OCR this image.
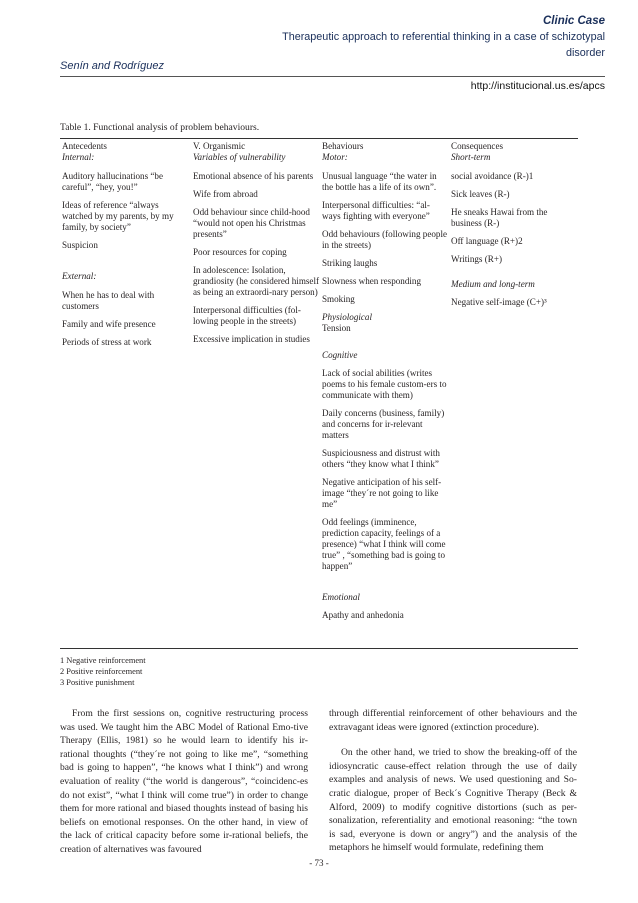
Clinic Case
Therapeutic approach to referential thinking in a case of schizotypal
disorder
Senín and Rodríguez
http://institucional.us.es/apcs
Table 1. Functional analysis of problem behaviours.

Antecedents

Internal:

Auditory hallucinations “be careful”, “hey, you!”

Ideas of reference “always watched by my parents, by my family, by society”

Suspicion

External:

When he has to deal with customers

Family and wife presence

Periods of stress at work

V. Organismic

Variables of vulnerability

Emotional absence of his parents

Wife from abroad

Odd behaviour since child-hood “would not open his Christmas presents”

Poor resources for coping

In adolescence: Isolation, grandiosity (he considered himself as being an extraordi-nary person)

Interpersonal difficulties (fol-lowing people in the streets)

Excessive implication in studies

Behaviours

Motor:

Unusual language “the water in the bottle has a life of its own”.

Interpersonal difficulties: “al-ways fighting with everyone”

Odd behaviours (following people in the streets)

Striking laughs

Slowness when responding

Smoking

Physiological

Tension

Cognitive

Lack of social abilities (writes poems to his female custom-ers to communicate with them)

Daily concerns (business, family) and concerns for ir-relevant matters

Suspiciousness and distrust with others “they know what I think”

Negative anticipation of his self-image “they´re not going to like me”

Odd feelings (imminence, prediction capacity, feelings of a presence) “what I think will come true” , “something bad is going to happen”

Emotional

Apathy and anhedonia

Consequences

Short-term

social avoidance (R-)1

Sick leaves (R-)

He sneaks Hawai from the business (R-)

Off language (R+)2

Writings (R+)

Medium and long-term

Negative self-image (C+)³

1 Negative reinforcement
2 Positive reinforcement
3 Positive punishment

From the first sessions on, cognitive restructuring process was used. We taught him the ABC Model of Rational Emo-tive Therapy (Ellis, 1981) so he would learn to identify his ir-rational thoughts (“they´re not going to like me”, “something bad is going to happen”, “he knows what I think”) and wrong evaluation of reality (“the world is dangerous”, “coincidenc-es do not exist”, “what I think will come true”) in order to change them for more rational and biased thoughts instead of basing his beliefs on emotional responses. On the other hand, in view of the lack of critical capacity before some ir-rational beliefs, the creation of alternatives was favoured

through differential reinforcement of other behaviours and the extravagant ideas were ignored (extinction procedure).

On the other hand, we tried to show the breaking-off of the idiosyncratic cause-effect relation through the use of daily examples and analysis of news. We used questioning and So-cratic dialogue, proper of Beck´s Cognitive Therapy (Beck & Alford, 2009) to modify cognitive distortions (such as per-sonalization, referentiality and emotional reasoning: “the town is sad, everyone is down or angry”) and the analysis of the metaphors he himself would formulate, redefining them

- 73 -
